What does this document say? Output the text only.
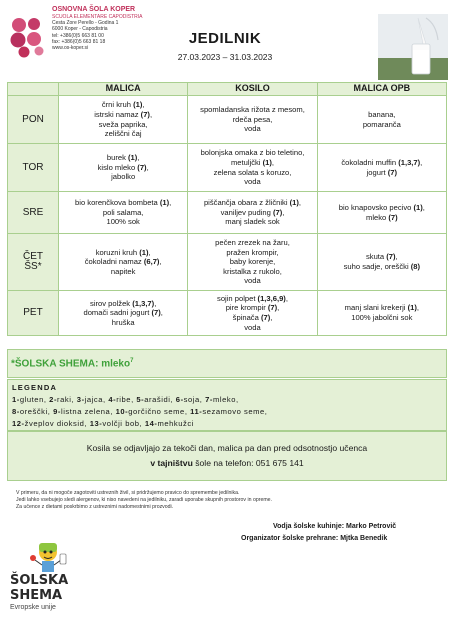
OSNOVNA ŠOLA KOPER
SCUOLA ELEMENTARE CAPODISTRIA
Cesta Zore Perello - Godina 1
6000 Koper - Capodistria
tel: +386(0)5 663 81 00
fax: +386(0)5 663 81 18
www.os-koper.si
JEDILNIK
27.03.2023 – 31.03.2023
	MALICA	KOSILO	MALICA OPB

PON	črni kruh (1),
istrski namaz (7),
sveža paprika,
zeliščni čaj	spomladanska rižota z mesom,
rdeča pesa,
voda	banana,
pomaranča

TOR	burek (1),
kislo mleko (7),
jabolko	bolonjska omaka z bio teletino,
metuljčki (1),
zelena solata s koruzo,
voda	čokoladni muffin (1,3,7),
jogurt (7)

SRE	bio korenčkova bombeta (1),
poli salama,
100% sok	piščančja obara z žličniki (1),
vaniljev puding (7),
manj sladek sok	bio knapovsko pecivo (1),
mleko (7)

ČET
ŠS*	koruzni kruh (1),
čokoladni namaz (6,7),
napitek	pečen zrezek na žaru,
pražen krompir,
baby korenje,
kristalka z rukolo,
voda	skuta (7),
suho sadje, oreščki (8)

PET	sirov polžek (1,3,7),
domači sadni jogurt (7),
hruška	sojin polpet (1,3,6,9),
pire krompir (7),
špinača (7),
voda	manj slani krekerji (1),
100% jabolčni sok
*ŠOLSKA SHEMA: mleko$^7$
LEGENDA
1-gluten, 2-raki, 3-jajca, 4-ribe, 5-arašidi, 6-soja, 7-mleko,
8-oreščki, 9-listna zelena, 10-gorčično seme, 11-sezamovo seme,
12-žveplov dioksid, 13-volčji bob, 14-mehkužci
Kosila se odjavljajo za tekoči dan, malica pa dan pred odsotnostjo učenca
v tajništvu šole na telefon: 051 675 141
V primeru, da ni mogoče zagotoviti ustreznih živil, si pridržujemo pravico do spremembe jedilnika.
Jedi lahko vsebujejo sledi alergenov, ki niso navedeni na jedilniku, zaradi uporabe skupnih prostorov in opreme.
Za učence z dietami poskrbimo z ustreznimi nadomestnimi prozvodi.
Vodja šolske kuhinje: Marko Petrovič
Organizator šolske prehrane: Mjtka Benedik
ŠOLSKA
SHEMA
Evropske unije
